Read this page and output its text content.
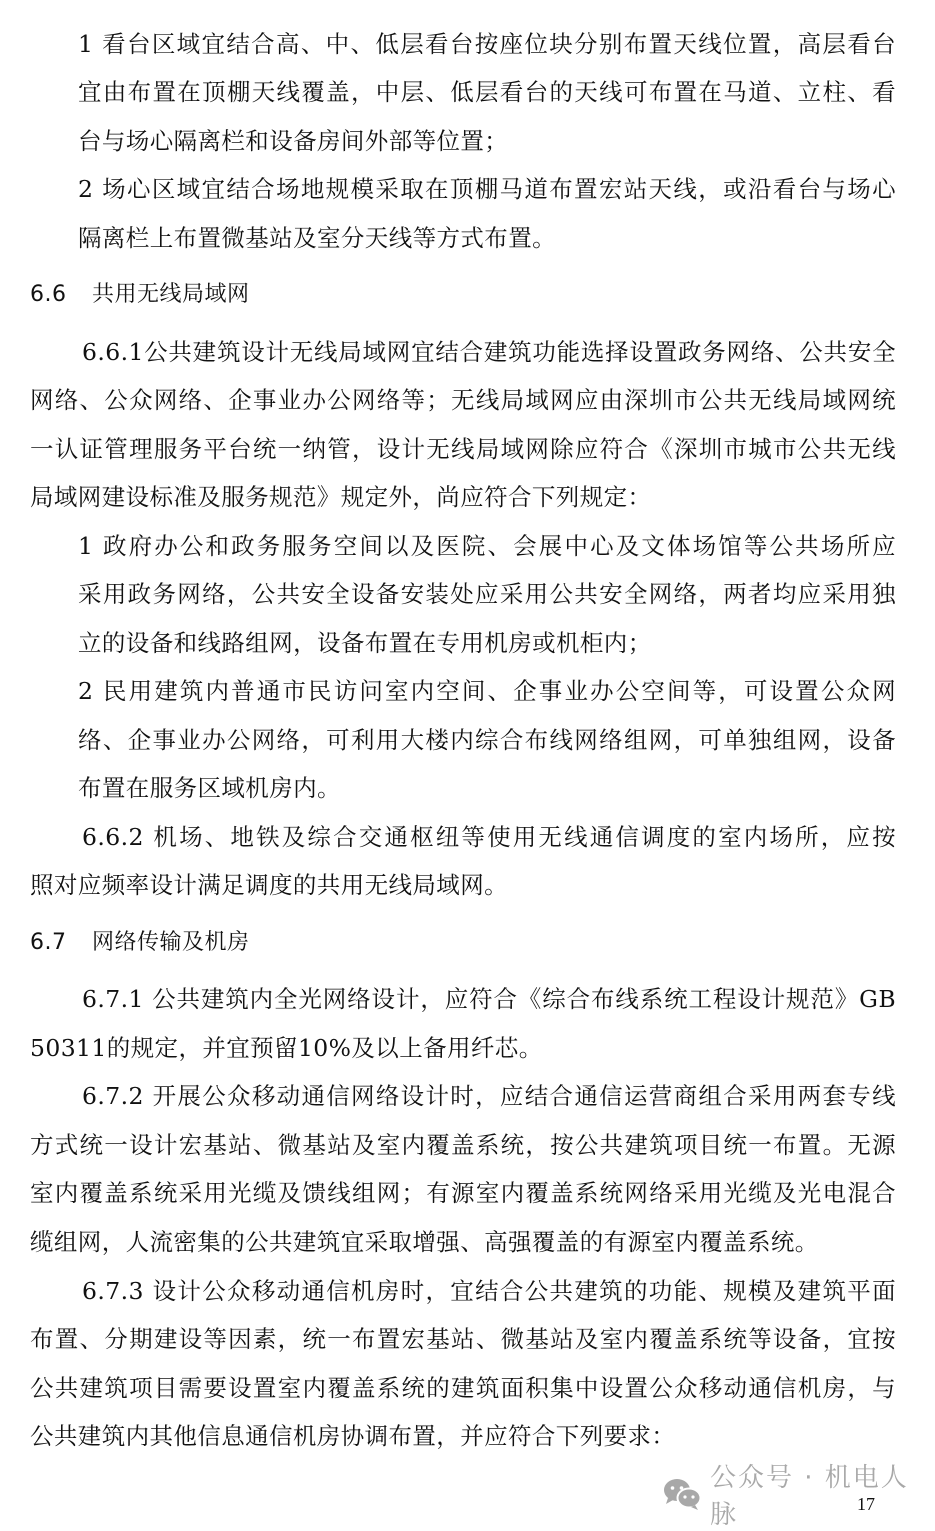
1 看台区域宜结合高、中、低层看台按座位块分别布置天线位置，高层看台
宜由布置在顶棚天线覆盖，中层、低层看台的天线可布置在马道、立柱、看
台与场心隔离栏和设备房间外部等位置；
2 场心区域宜结合场地规模采取在顶棚马道布置宏站天线，或沿看台与场心
隔离栏上布置微基站及室分天线等方式布置。
6.6 共用无线局域网
6.6.1公共建筑设计无线局域网宜结合建筑功能选择设置政务网络、公共安全
网络、公众网络、企事业办公网络等；无线局域网应由深圳市公共无线局域网统
一认证管理服务平台统一纳管，设计无线局域网除应符合《深圳市城市公共无线
局域网建设标准及服务规范》规定外，尚应符合下列规定：
1 政府办公和政务服务空间以及医院、会展中心及文体场馆等公共场所应
采用政务网络，公共安全设备安装处应采用公共安全网络，两者均应采用独
立的设备和线路组网，设备布置在专用机房或机柜内；
2 民用建筑内普通市民访问室内空间、企事业办公空间等，可设置公众网
络、企事业办公网络，可利用大楼内综合布线网络组网，可单独组网，设备
布置在服务区域机房内。
6.6.2 机场、地铁及综合交通枢纽等使用无线通信调度的室内场所，应按
照对应频率设计满足调度的共用无线局域网。
6.7 网络传输及机房
6.7.1 公共建筑内全光网络设计，应符合《综合布线系统工程设计规范》GB
50311的规定，并宜预留10%及以上备用纤芯。
6.7.2 开展公众移动通信网络设计时，应结合通信运营商组合采用两套专线
方式统一设计宏基站、微基站及室内覆盖系统，按公共建筑项目统一布置。无源
室内覆盖系统采用光缆及馈线组网；有源室内覆盖系统网络采用光缆及光电混合
缆组网，人流密集的公共建筑宜采取增强、高强覆盖的有源室内覆盖系统。
6.7.3 设计公众移动通信机房时，宜结合公共建筑的功能、规模及建筑平面
布置、分期建设等因素，统一布置宏基站、微基站及室内覆盖系统等设备，宜按
公共建筑项目需要设置室内覆盖系统的建筑面积集中设置公众移动通信机房，与
公共建筑内其他信息通信机房协调布置，并应符合下列要求：
公众号 · 机电人脉	17
